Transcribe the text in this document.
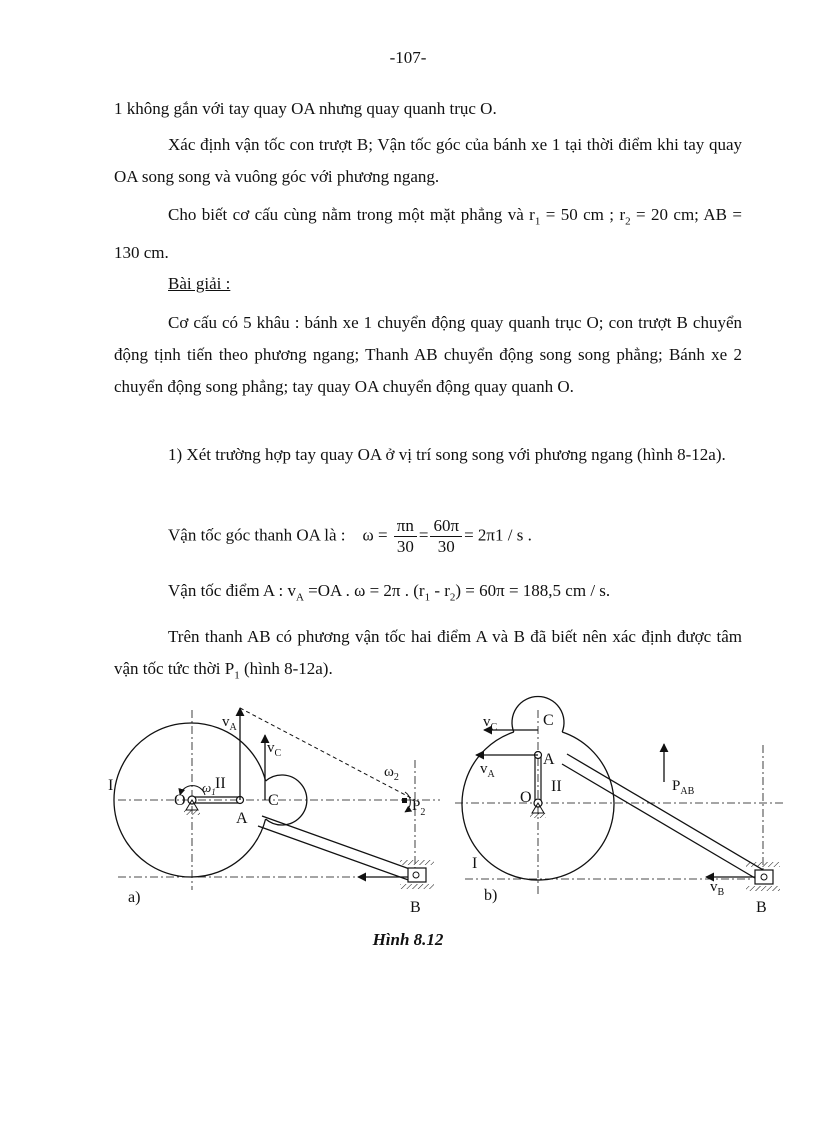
-107-

1 không gắn với tay quay OA nhưng quay quanh trục O.

Xác định vận tốc con trượt B; Vận tốc góc của bánh xe 1 tại thời điểm khi tay quay OA song song và vuông góc với phương ngang.

Cho biết cơ cấu cùng nằm trong một mặt phẳng và $r_1 = 50$ cm ; $r_2 = 20$ cm; AB = 130 cm.

Bài giải :

Cơ cấu có 5 khâu : bánh xe 1 chuyển động quay quanh trục O; con trượt B chuyển động tịnh tiến theo phương ngang; Thanh AB chuyển động song song phẳng; Bánh xe 2 chuyển động song phẳng; tay quay OA chuyển động quay quanh O.

1) Xét trường hợp tay quay OA ở vị trí song song với phương ngang (hình 8-12a).

Vận tốc góc thanh OA là : $\omega = \frac{\pi n}{30} = \frac{60\pi}{30} = 2\pi 1 / s$ .
Vận tốc điểm A : $v_A =OA$ . ω = 2π . $(r_1 - r_2) = 60\pi = 188,5$ cm / s.

Trên thanh AB có phương vận tốc hai điểm A và B đã biết nên xác định được tâm vận tốc tức thời $P_1$ (hình 8-12a).

I	II
O
A
C
B
a)
$v_A$
$v_C$
$\omega_1$
$\omega_2$
$P_2$
$v_C$	C
$v_A$
A
II
O
$P_{AB}$
I
$v_B$
b)
B
Hình 8.12
